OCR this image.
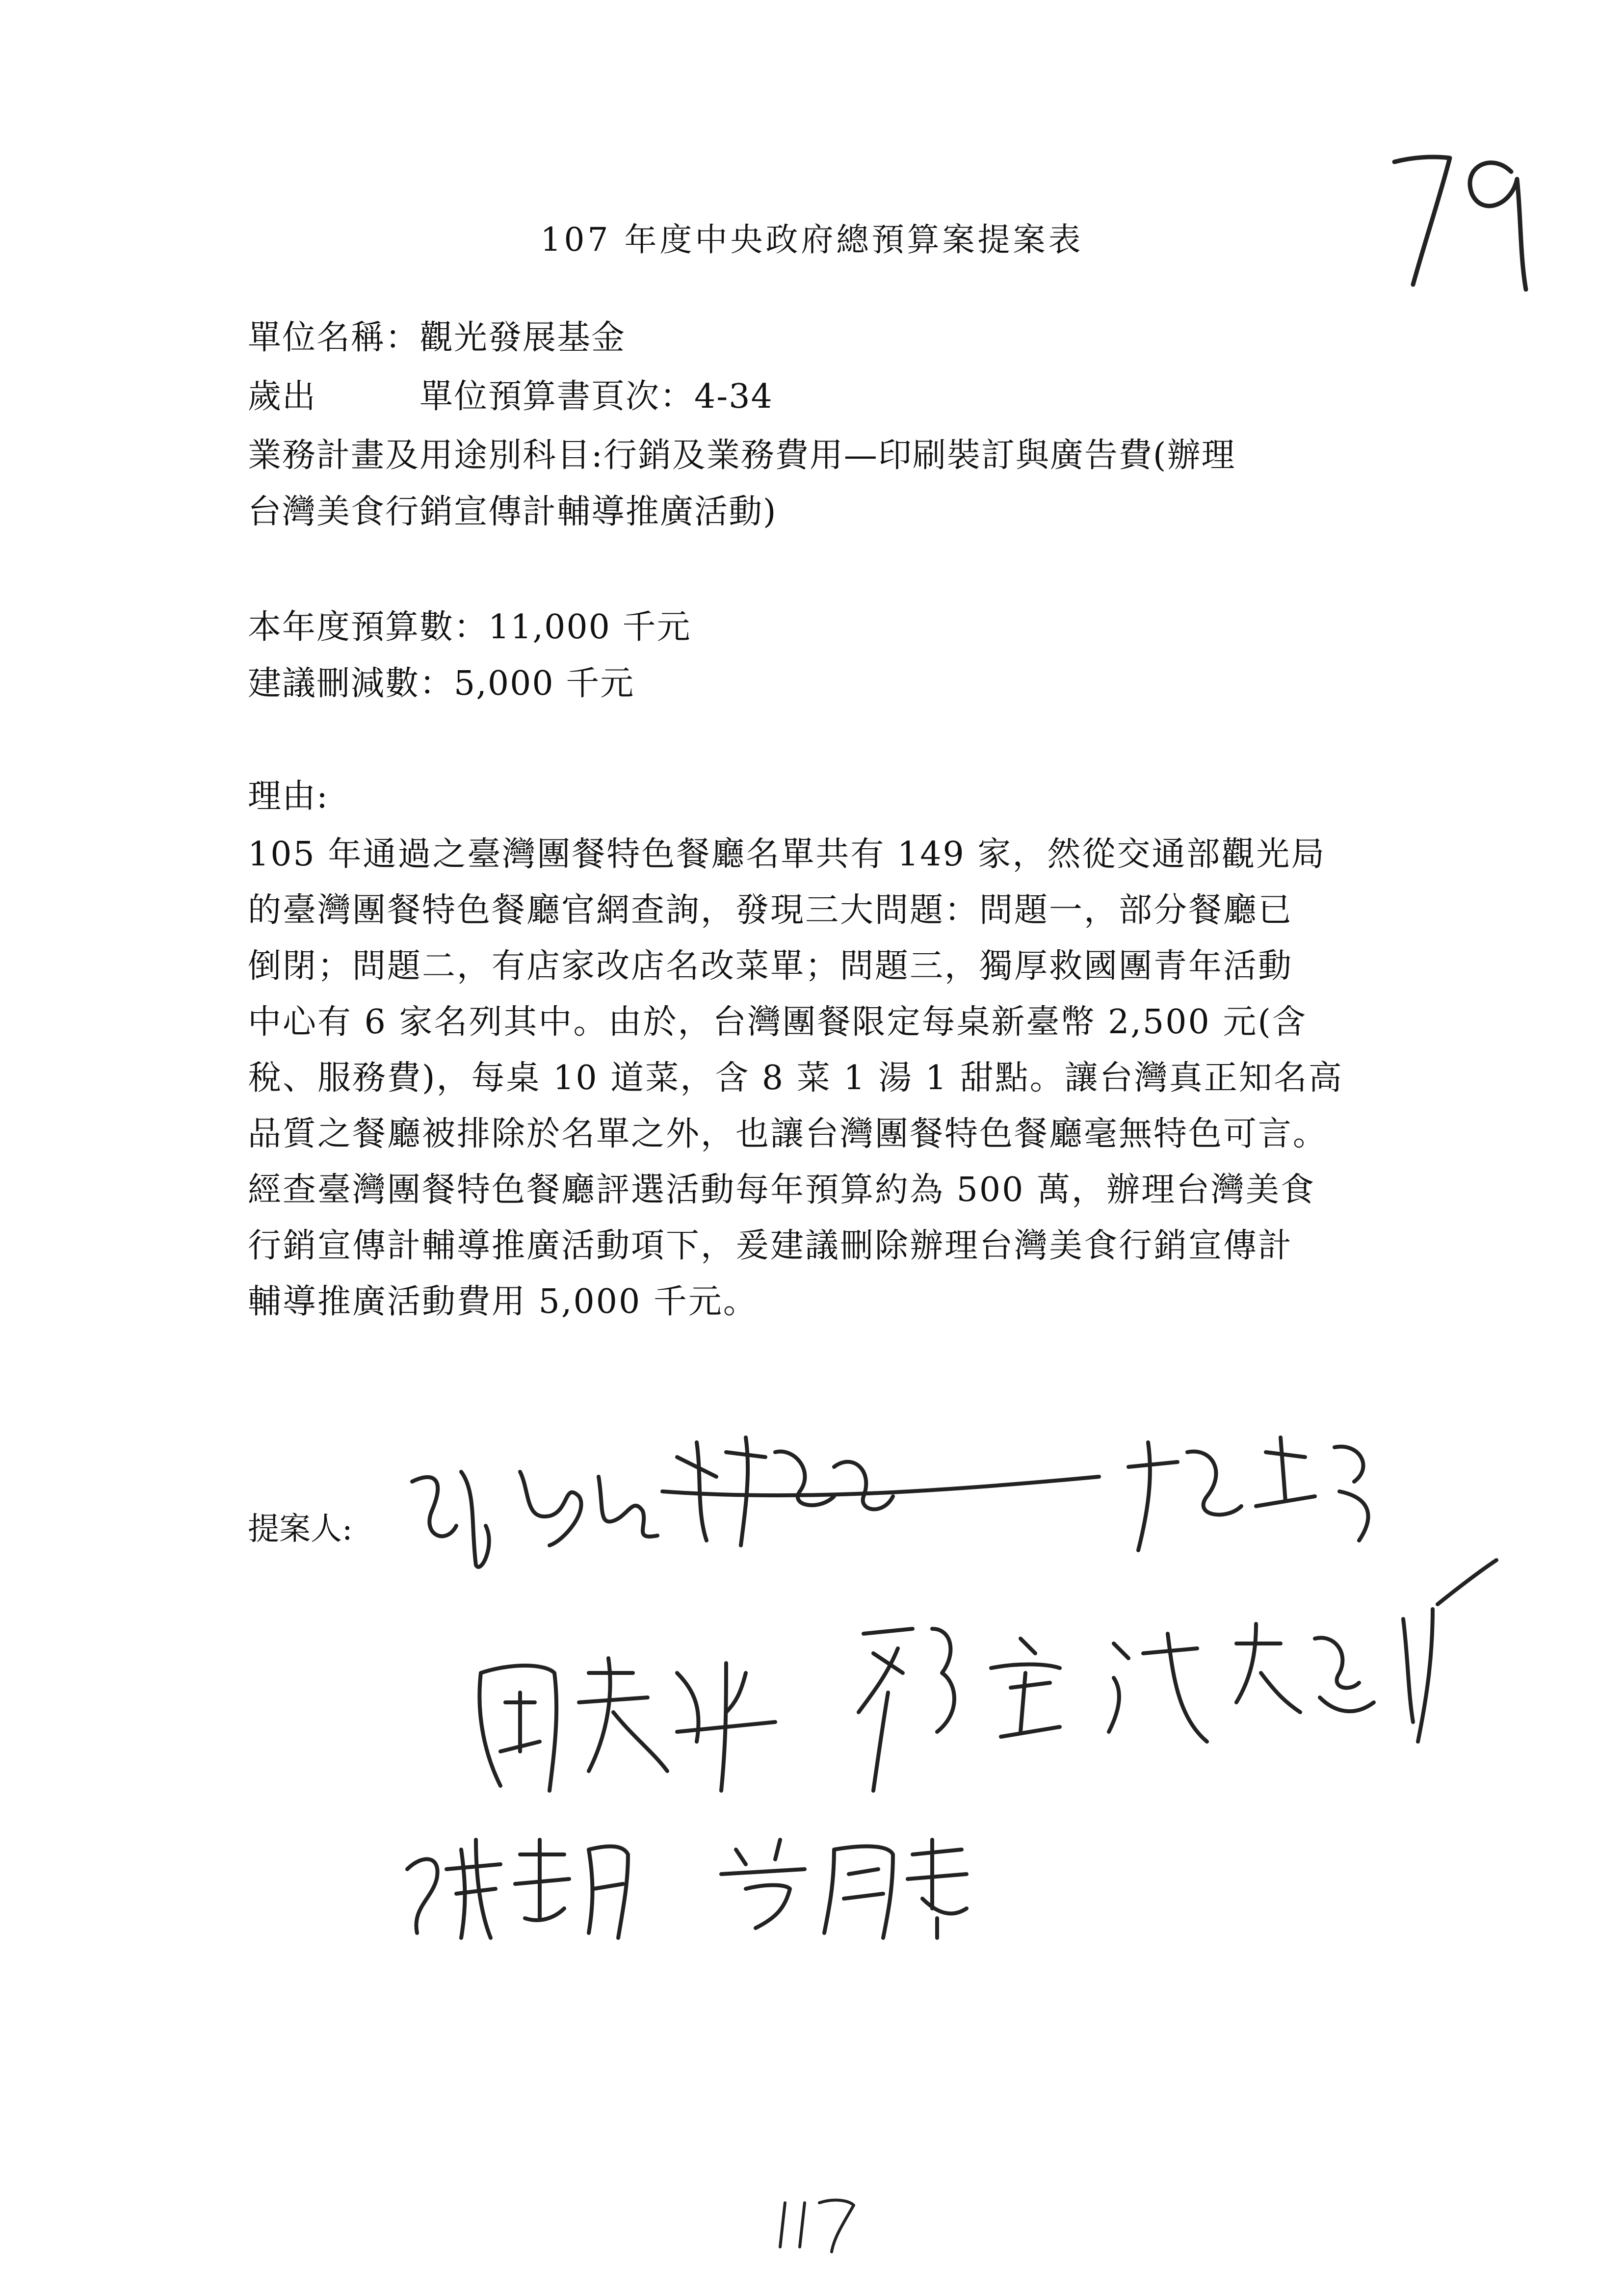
107 年度中央政府總預算案提案表
單位名稱：觀光發展基金
歲出	單位預算書頁次：4-34
業務計畫及用途別科目:行銷及業務費用—印刷裝訂與廣告費(辦理
台灣美食行銷宣傳計輔導推廣活動)
本年度預算數：11,000 千元
建議刪減數：5,000 千元
理由:
105 年通過之臺灣團餐特色餐廳名單共有 149 家，然從交通部觀光局
的臺灣團餐特色餐廳官網查詢，發現三大問題：問題一，部分餐廳已
倒閉；問題二，有店家改店名改菜單；問題三，獨厚救國團青年活動
中心有 6 家名列其中。由於，台灣團餐限定每桌新臺幣 2,500 元(含
稅、服務費)，每桌 10 道菜，含 8 菜 1 湯 1 甜點。讓台灣真正知名高
品質之餐廳被排除於名單之外，也讓台灣團餐特色餐廳毫無特色可言。
經查臺灣團餐特色餐廳評選活動每年預算約為 500 萬，辦理台灣美食
行銷宣傳計輔導推廣活動項下，爰建議刪除辦理台灣美食行銷宣傳計
輔導推廣活動費用 5,000 千元。
提案人:
